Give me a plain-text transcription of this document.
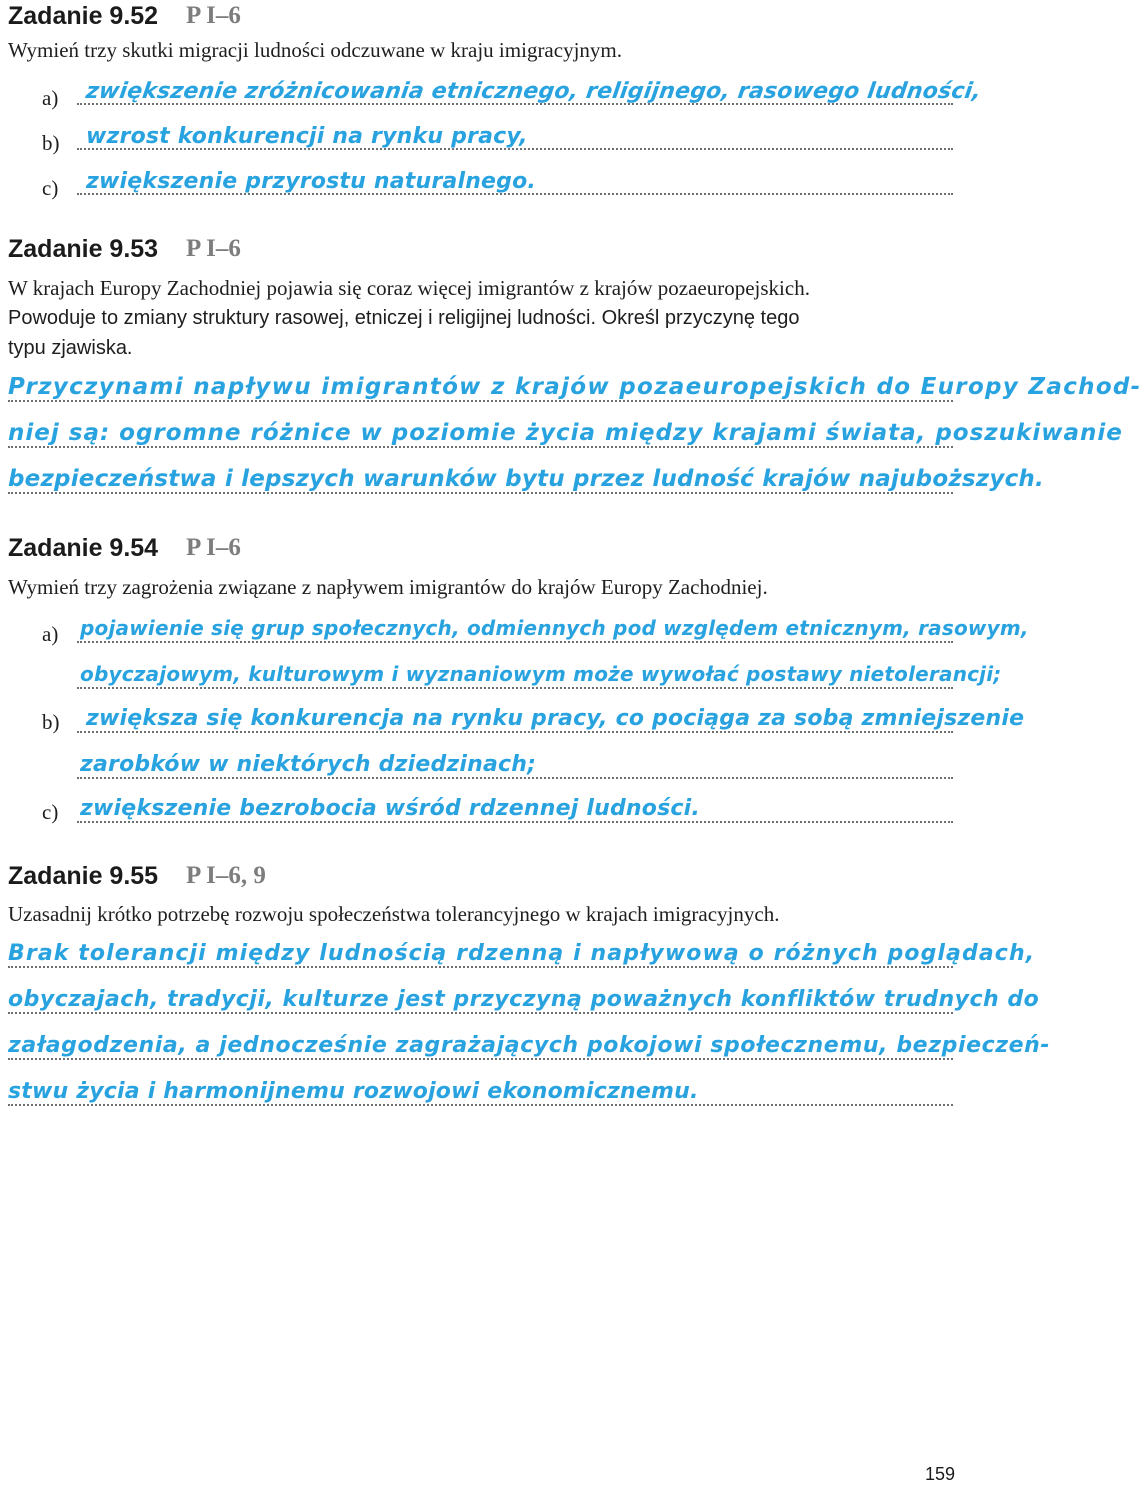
Zadanie 9.52 P I–6
Wymień trzy skutki migracji ludności odczuwane w kraju imigracyjnym.
a) zwiększenie zróżnicowania etnicznego, religijnego, rasowego ludności,
b) wzrost konkurencji na rynku pracy,
c) zwiększenie przyrostu naturalnego.
Zadanie 9.53 P I–6
W krajach Europy Zachodniej pojawia się coraz więcej imigrantów z krajów pozaeuropejskich.
Powoduje to zmiany struktury rasowej, etniczej i religijnej ludności. Określ przyczynę tego
typu zjawiska.
Przyczynami napływu imigrantów z krajów pozaeuropejskich do Europy Zachod-
niej są: ogromne różnice w poziomie życia między krajami świata, poszukiwanie
bezpieczeństwa i lepszych warunków bytu przez ludność krajów najuboższych.
Zadanie 9.54 P I–6
Wymień trzy zagrożenia związane z napływem imigrantów do krajów Europy Zachodniej.
a) pojawienie się grup społecznych, odmiennych pod względem etnicznym, rasowym,
obyczajowym, kulturowym i wyznaniowym może wywołać postawy nietolerancji;
b) zwiększa się konkurencja na rynku pracy, co pociąga za sobą zmniejszenie
zarobków w niektórych dziedzinach;
c) zwiększenie bezrobocia wśród rdzennej ludności.
Zadanie 9.55 P I–6, 9
Uzasadnij krótko potrzebę rozwoju społeczeństwa tolerancyjnego w krajach imigracyjnych.
Brak tolerancji między ludnością rdzenną i napływową o różnych poglądach,
obyczajach, tradycji, kulturze jest przyczyną poważnych konfliktów trudnych do
załagodzenia, a jednocześnie zagrażających pokojowi społecznemu, bezpieczeń-
stwu życia i harmonijnemu rozwojowi ekonomicznemu.
159
